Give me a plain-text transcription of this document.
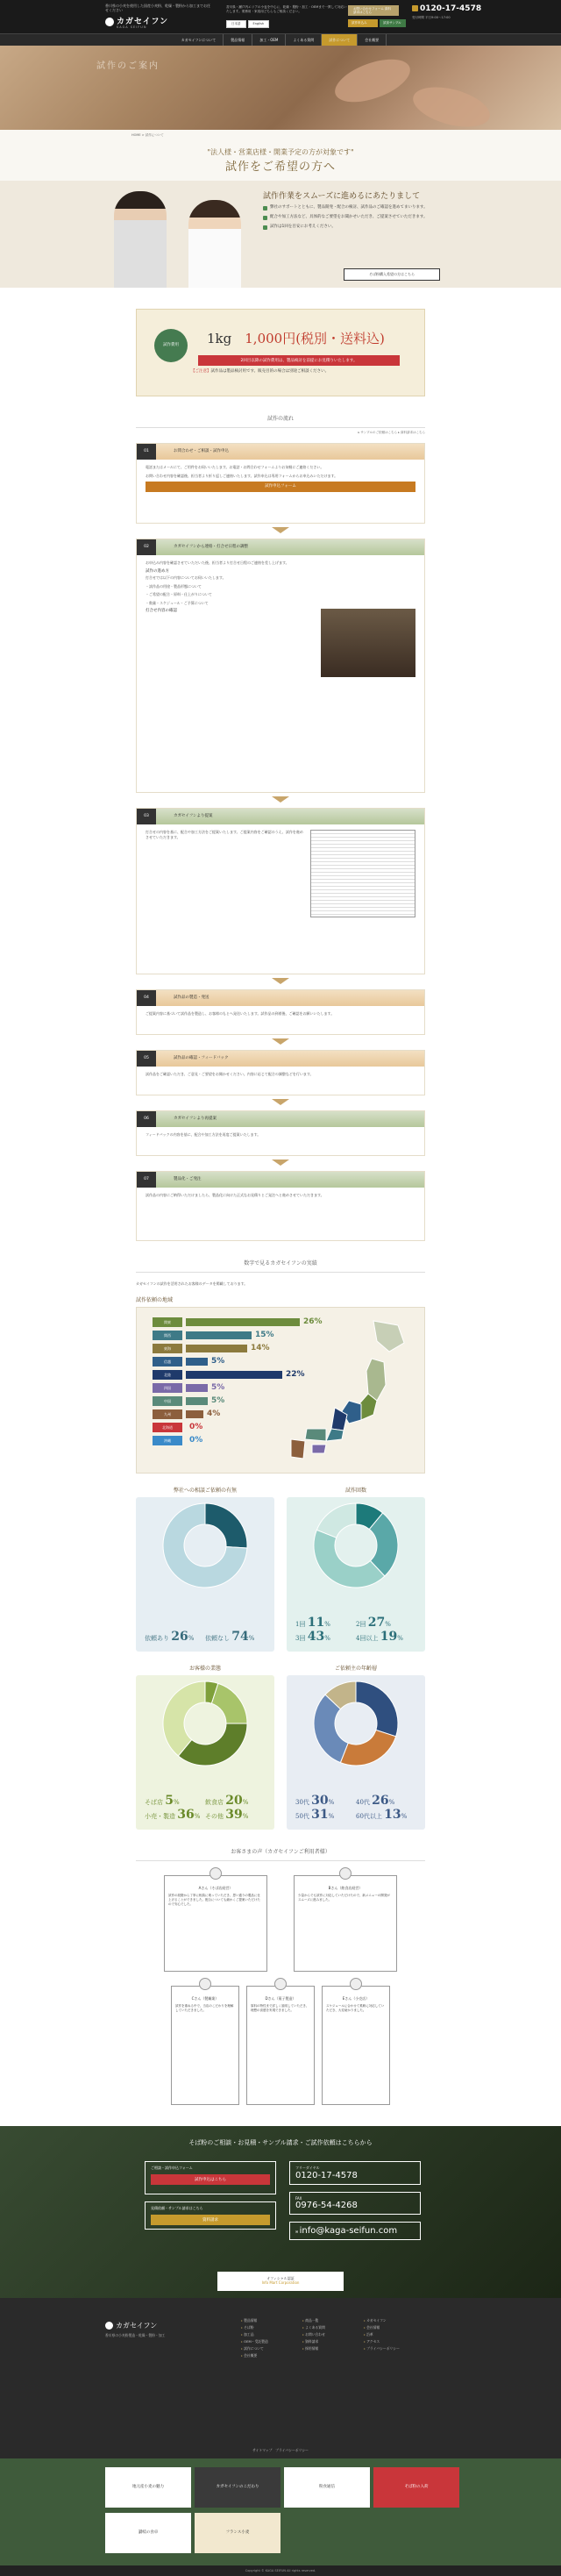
香川県の小麦を使用した国産小麦粉、乾燥・製粉から加工までお任せください
カガセイフン
KAGA SEIFUN
香川県・瀬戸内エリアの小麦を中心に、乾燥・製粉・加工・OEMまで一貫して対応いたします。業務用・家庭用どちらもご相談ください。
日本語	English
お問い合わせフォーム 資料請求はこちら
試作申込み	試食サンプル
0120-17-4578
受付時間 平日9:00〜17:00
カガセイフンについて	製品情報	加工・OEM	よくある質問	試作について	会社概要
試作のご案内
HOME > 試作について
"法人様・営業店様・開業予定の方が対象です"
試作をご希望の方へ
試作作業をスムーズに進めるにあたりまして
弊社のサポートとともに、製品開発・配合の検討、試作品のご確認を進めてまいります。
配合や加工方法など、具体的なご要望をお聞かせいただき、ご提案させていただきます。
試作は1回を目安にお考えください。
そば粉購入希望の方はこちら
試作費用	1kg　 1,000円(税別・送料込)
2回目以降の試作費用は、製品検討を前提にお見積りいたします。
【ご注意】試作品は製品検討用です。販売目的の場合は別途ご相談ください。
試作の流れ
▸ サンプルのご依頼はこちら ▸ 資料請求はこちら
01	お問合わせ・ご相談・試作申込

電話またはメールにて、ご用件をお伺いいたします。お電話・お問合わせフォームよりお気軽にご連絡ください。

お問い合わせ内容を確認後、担当者より折り返しご連絡いたします。試作申込は専用フォームからお申込みいただけます。

試作申込フォーム
02	カガセイフンから連絡・打合せ日程の調整

お申込み内容を確認させていただいた後、担当者より打合せ日程のご連絡を差し上げます。

試作の進め方

打合せでは以下の内容についてお伺いいたします。

・試作品の用途・製品形態について

・ご希望の配合・原料・仕上がりについて

・数量・スケジュール・ご予算について

打合せ内容の確認
03	カガセイフンより提案

打合せの内容を基に、配合や加工方法をご提案いたします。ご提案内容をご確認のうえ、試作を進めさせていただきます。

04	試作品の製造・発送

ご提案内容に基づいて試作品を製造し、お客様のもとへ発送いたします。試作品の到着後、ご確認をお願いいたします。

05	試作品の確認・フィードバック

試作品をご確認いただき、ご意見・ご要望をお聞かせください。内容に応じて配合の調整などを行います。

06	カガセイフンより再提案

フィードバックの内容を基に、配合や加工方法を再度ご提案いたします。

07	製品化・ご発注

試作品の内容にご納得いただけましたら、製品化に向けた正式なお見積りとご発注へと進めさせていただきます。

数字で見るカガセイフンの実績
カガセイフンの試作を活用されたお客様のデータを掲載しております。
試作依頼の地域
関東	26%
関西	15%
東海	14%
信越	5%
北陸	22%
四国	5%
中国	5%
九州	4%
北海道	0%
沖縄	0%
弊社への相談ご依頼の有無
依頼あり 26%	依頼なし 74%
試作回数
1回 11%	2回 27%
3回 43%	4回以上 19%
お客様の業態
そば店 5%	飲食店 20%
小売・製造 36% その他 39%
ご依頼主の年齢層
30代 30%	40代 26%
50代 31%	60代以上 13%
お客さまの声（カガセイフンご利用者様）
Aさん（そば店経営）
試作の段階から丁寧に相談に乗っていただき、思い通りの製品に仕上げることができました。配合についても細かくご提案いただけたので安心でした。
Bさん（飲食店経営）
少量からでも試作に対応していただけたので、新メニューの開発がスムーズに進みました。
Cさん（製麺業）
試作を重ねる中で、当店のこだわりを理解していただきました。
Dさん（菓子製造）
原料の特性まで詳しく説明していただき、理想の食感を実現できました。
Eさん（小売店）
スケジュールに合わせて柔軟に対応していただき、大変助かりました。
そば粉のご相談・お見積・サンプル請求・ご試作依頼はこちらから
ご相談・試作申込フォーム
試作申込はこちら
見積依頼・サンプル請求はこちら
資料請求
フリーダイヤル
0120-17-4578
FAX
0976-54-4268
✉ info@kaga-seifun.com
オフィシャル認証
Info Mart Corporation
カガセイフン
香川県の小麦粉製造・乾燥・製粉・加工
▸ 製品情報
▸ そば粉
▸ 加工品
▸ OEM・受託製造
▸ 試作について
▸ 会社概要
▸ 商品一覧
▸ よくある質問
▸ お問い合わせ
▸ 資料請求
▸ 採用情報
▸ カガセイフン
▸ 会社情報
▸ 沿革
▸ アクセス
▸ プライバシーポリシー
サイトマップ　プライバシーポリシー
地元産小麦の魅力	カガセイフンのこだわり	粉食通信	そば粉の入荷
讃岐の食卓	フランス小麦
Copyright © KAGA SEIFUN All rights reserved.
